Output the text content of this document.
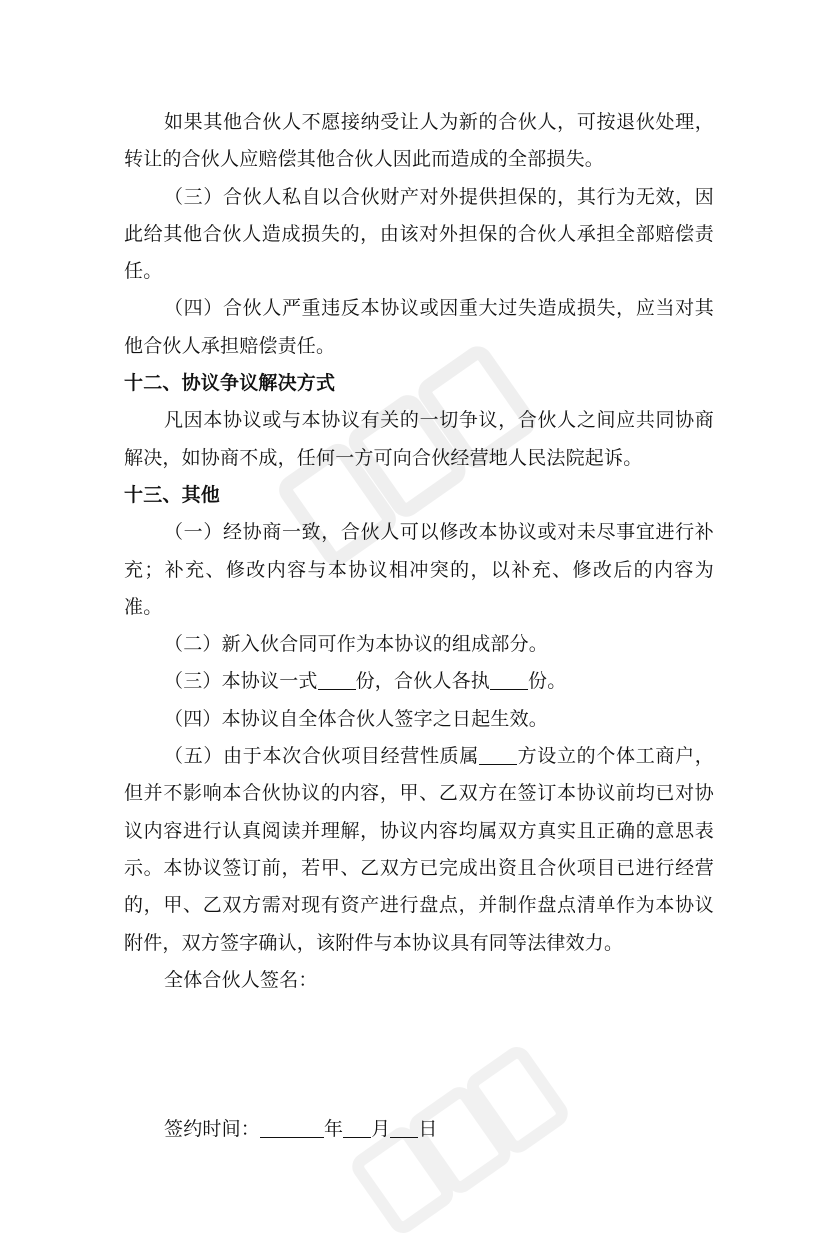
如果其他合伙人不愿接纳受让人为新的合伙人，可按退伙处理，转让的合伙人应赔偿其他合伙人因此而造成的全部损失。

（三）合伙人私自以合伙财产对外提供担保的，其行为无效，因此给其他合伙人造成损失的，由该对外担保的合伙人承担全部赔偿责任。

（四）合伙人严重违反本协议或因重大过失造成损失，应当对其他合伙人承担赔偿责任。

十二、协议争议解决方式

凡因本协议或与本协议有关的一切争议，合伙人之间应共同协商解决，如协商不成，任何一方可向合伙经营地人民法院起诉。

十三、其他

（一）经协商一致，合伙人可以修改本协议或对未尽事宜进行补充；补充、修改内容与本协议相冲突的，以补充、修改后的内容为准。

（二）新入伙合同可作为本协议的组成部分。

（三）本协议一式 份，合伙人各执 份。

（四）本协议自全体合伙人签字之日起生效。

（五）由于本次合伙项目经营性质属 方设立的个体工商户，但并不影响本合伙协议的内容，甲、乙双方在签订本协议前均已对协议内容进行认真阅读并理解，协议内容均属双方真实且正确的意思表示。本协议签订前，若甲、乙双方已完成出资且合伙项目已进行经营的，甲、乙双方需对现有资产进行盘点，并制作盘点清单作为本协议附件，双方签字确认，该附件与本协议具有同等法律效力。

全体合伙人签名：

签约时间：	年 月 日
